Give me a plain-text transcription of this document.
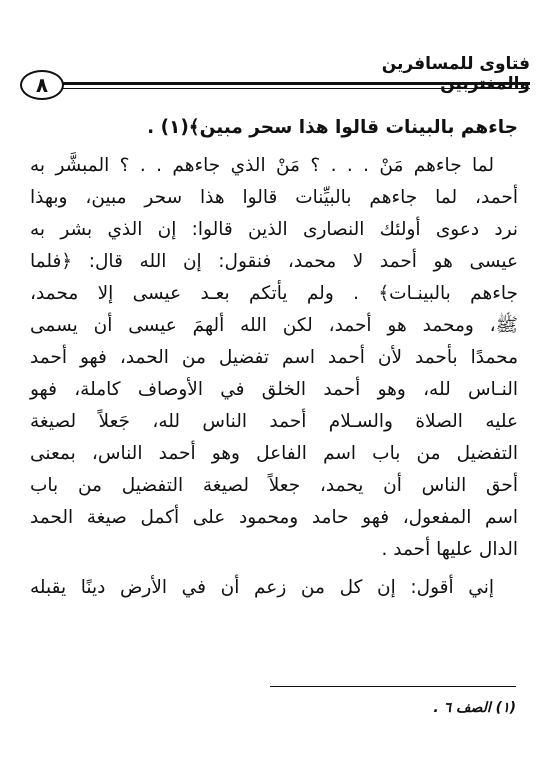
فتاوى للمسافرين
٨
جاءهم بالبينات قالوا هذا سحر مبين﴾(١) .
لما جاءهم مَنْ . . . ؟ مَنْ الذي جاءهم . . ؟ المبشَّر به
أحمد، لما جاءهم بالبيِّنات قالوا هذا سحر مبين، وبهذا
نرد دعوى أولئك النصارى الذين قالوا: إن الذي بشر به
عيسى هو أحمد لا محمد، فنقول: إن الله قال: ﴿فلما
جاءهم بالبينـات﴾ . ولم يأتكم بعـد عيسى إلا محمد،
ﷺ، ومحمد هو أحمد، لكن الله ألهمَ عيسى أن يسمى
محمدًا بأحمد لأن أحمد اسم تفضيل من الحمد، فهو أحمد
النـاس لله، وهو أحمد الخلق في الأوصاف كاملة، فهو
عليه الصلاة والسـلام أحمد الناس لله، جَعلاً لصيغة
التفضيل من باب اسم الفاعل وهو أحمد الناس، بمعنى
أحق الناس أن يحمد، جعلاً لصيغة التفضيل من باب
اسم المفعول، فهو حامد ومحمود على أكمل صيغة الحمد
الدال عليها أحمد .
إني أقول: إن كل من زعم أن في الأرض دينًا يقبله
(١) الصف ٦ .
